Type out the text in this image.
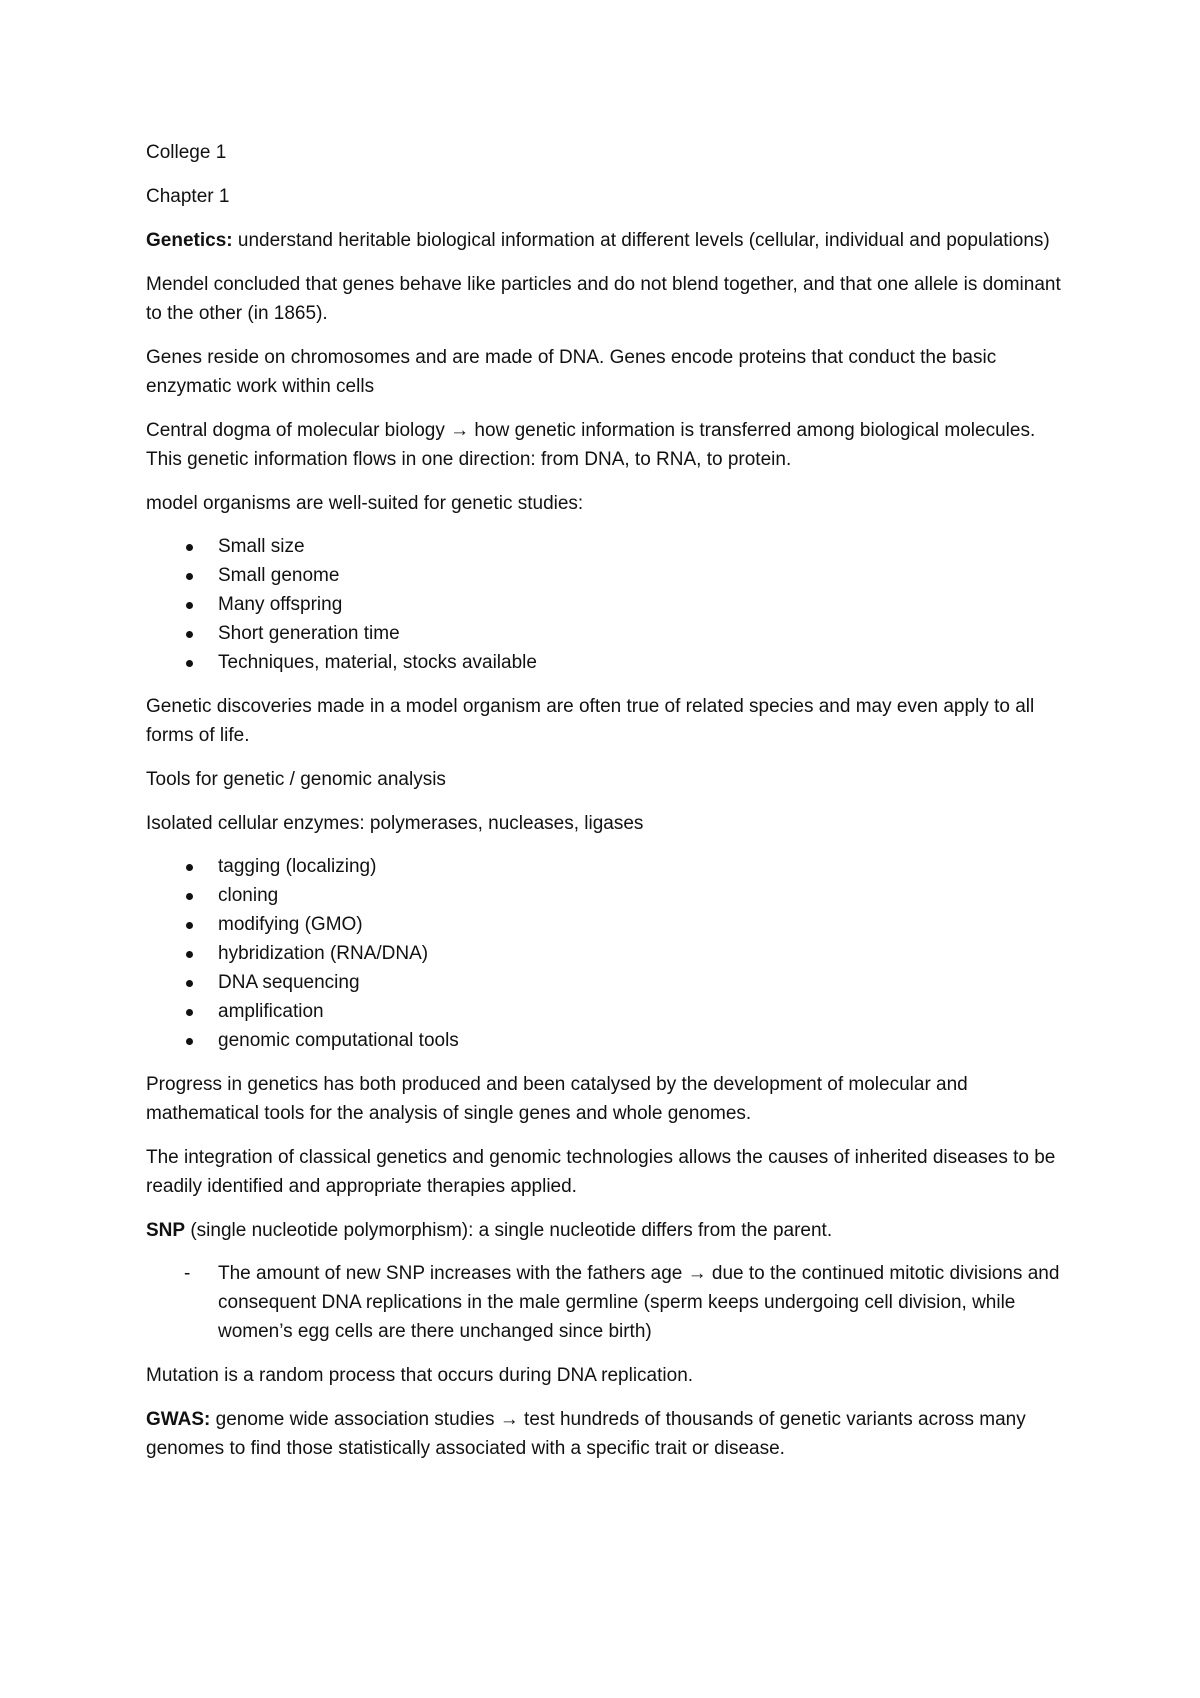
College 1

Chapter 1

Genetics: understand heritable biological information at different levels (cellular, individual and populations)

Mendel concluded that genes behave like particles and do not blend together, and that one allele is dominant to the other (in 1865).

Genes reside on chromosomes and are made of DNA. Genes encode proteins that conduct the basic enzymatic work within cells

Central dogma of molecular biology → how genetic information is transferred among biological molecules. This genetic information flows in one direction: from DNA, to RNA, to protein.

model organisms are well-suited for genetic studies:

Small size
Small genome
Many offspring
Short generation time
Techniques, material, stocks available

Genetic discoveries made in a model organism are often true of related species and may even apply to all forms of life.

Tools for genetic / genomic analysis

Isolated cellular enzymes: polymerases, nucleases, ligases

tagging (localizing)
cloning
modifying (GMO)
hybridization (RNA/DNA)
DNA sequencing
amplification
genomic computational tools

Progress in genetics has both produced and been catalysed by the development of molecular and mathematical tools for the analysis of single genes and whole genomes.

The integration of classical genetics and genomic technologies allows the causes of inherited diseases to be readily identified and appropriate therapies applied.

SNP (single nucleotide polymorphism): a single nucleotide differs from the parent.

- The amount of new SNP increases with the fathers age → due to the continued mitotic divisions and consequent DNA replications in the male germline (sperm keeps undergoing cell division, while women’s egg cells are there unchanged since birth)

Mutation is a random process that occurs during DNA replication.

GWAS: genome wide association studies → test hundreds of thousands of genetic variants across many genomes to find those statistically associated with a specific trait or disease.
